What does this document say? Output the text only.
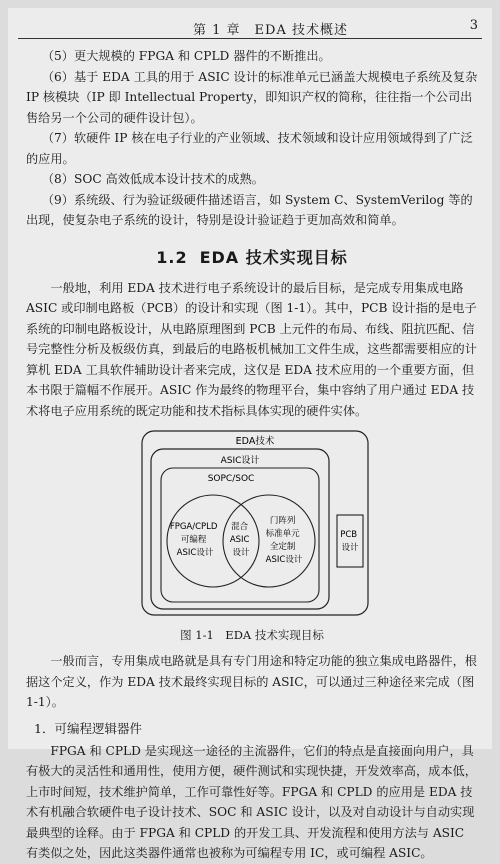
第 1 章　EDA 技术概述	3

（5）更大规模的 FPGA 和 CPLD 器件的不断推出。

（6）基于 EDA 工具的用于 ASIC 设计的标准单元已涵盖大规模电子系统及复杂 IP 核模块（IP 即 Intellectual Property，即知识产权的简称，往往指一个公司出售给另一个公司的硬件设计包）。

（7）软硬件 IP 核在电子行业的产业领域、技术领域和设计应用领域得到了广泛的应用。

（8）SOC 高效低成本设计技术的成熟。

（9）系统级、行为验证级硬件描述语言，如 System C、SystemVerilog 等的出现，使复杂电子系统的设计，特别是设计验证趋于更加高效和简单。

1.2 EDA 技术实现目标

一般地，利用 EDA 技术进行电子系统设计的最后目标，是完成专用集成电路 ASIC 或印制电路板（PCB）的设计和实现（图 1-1）。其中，PCB 设计指的是电子系统的印制电路板设计，从电路原理图到 PCB 上元件的布局、布线、阻抗匹配、信号完整性分析及板级仿真，到最后的电路板机械加工文件生成，这些都需要相应的计算机 EDA 工具软件辅助设计者来完成，这仅是 EDA 技术应用的一个重要方面，但本书限于篇幅不作展开。ASIC 作为最终的物理平台，集中容纳了用户通过 EDA 技术将电子应用系统的既定功能和技术指标具体实现的硬件实体。

EDA技术
ASIC设计
SOPC/SOC
FPGA/CPLD 可编程 ASIC设计
混合 ASIC 设计
门阵列 标准单元 全定制 ASIC设计
PCB 设计
图 1-1　EDA 技术实现目标

一般而言，专用集成电路就是具有专门用途和特定功能的独立集成电路器件，根据这个定义，作为 EDA 技术最终实现目标的 ASIC，可以通过三种途径来完成（图 1-1）。

1．可编程逻辑器件

FPGA 和 CPLD 是实现这一途径的主流器件，它们的特点是直接面向用户，具有极大的灵活性和通用性，使用方便，硬件测试和实现快捷，开发效率高，成本低，上市时间短，技术维护简单，工作可靠性好等。FPGA 和 CPLD 的应用是 EDA 技术有机融合软硬件电子设计技术、SOC 和 ASIC 设计，以及对自动设计与自动实现最典型的诠释。由于 FPGA 和 CPLD 的开发工具、开发流程和使用方法与 ASIC 有类似之处，因此这类器件通常也被称为可编程专用 IC，或可编程 ASIC。
